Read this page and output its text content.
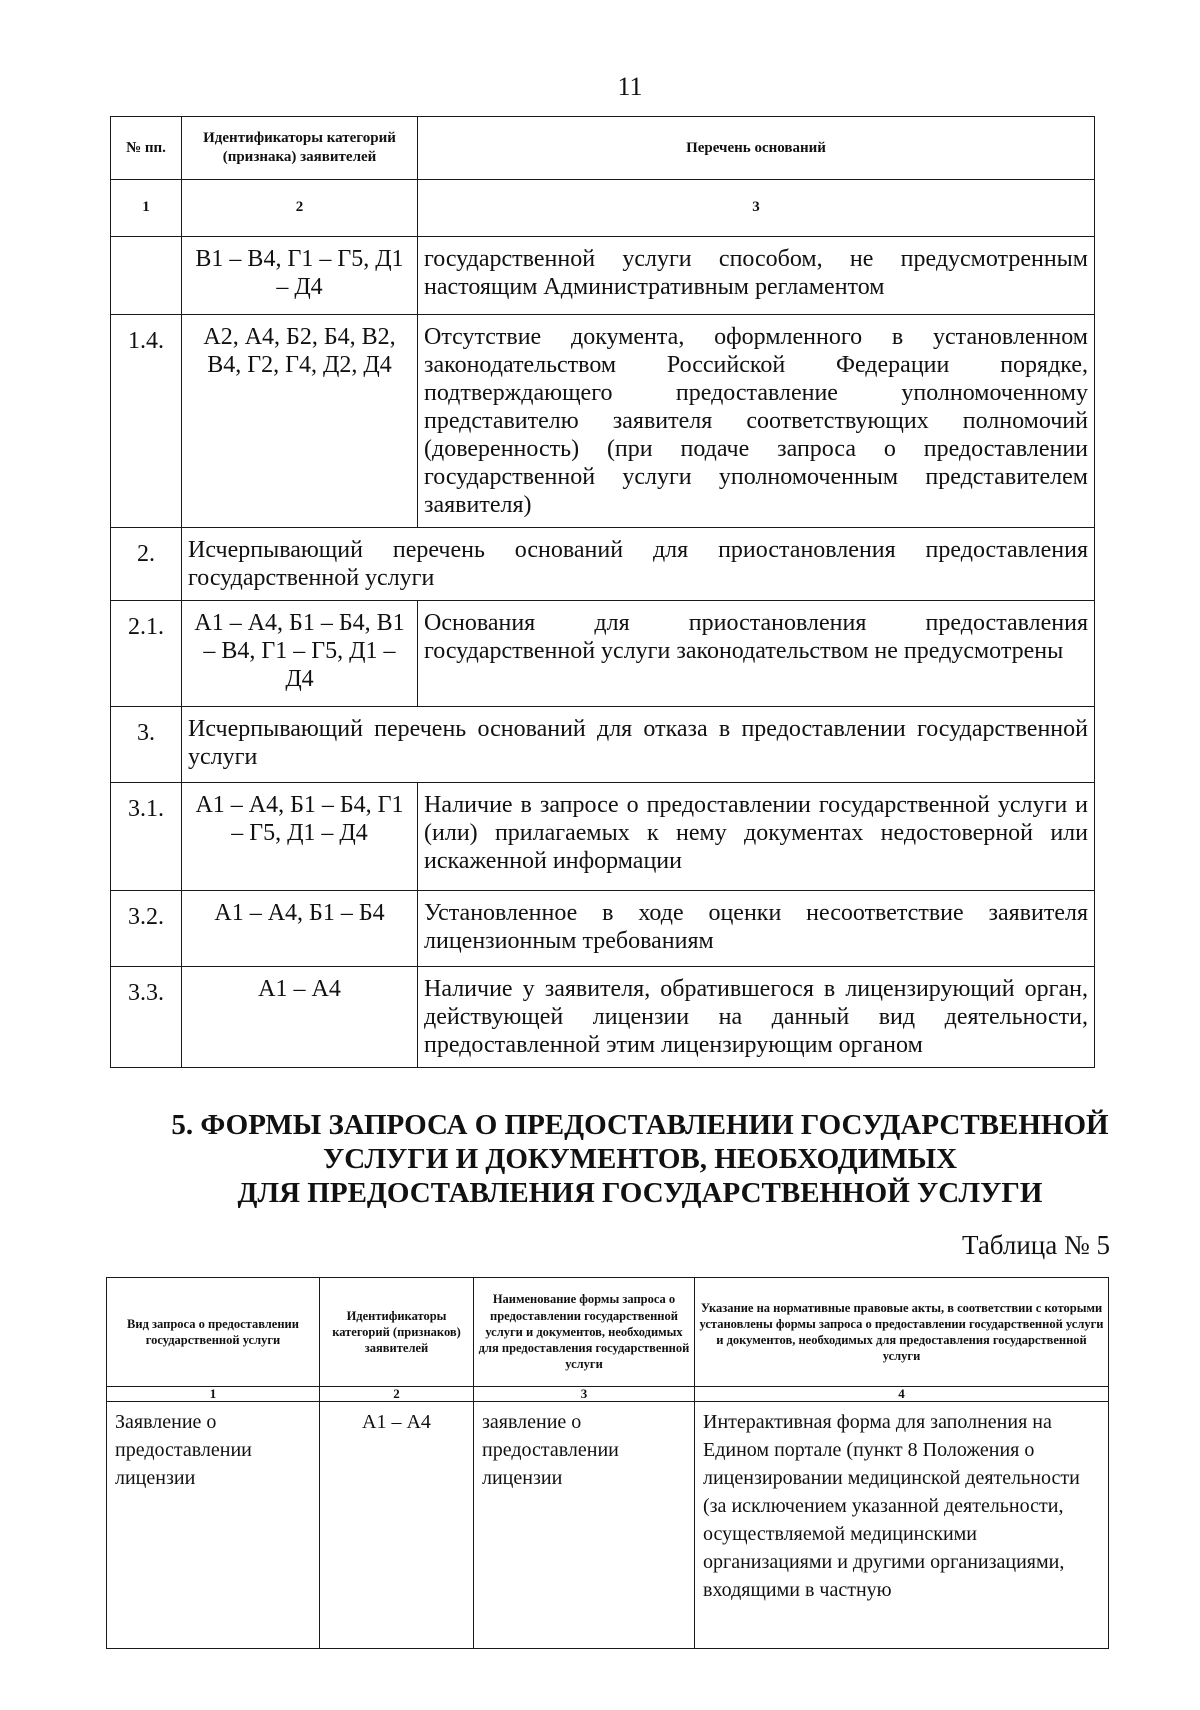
11
№ пп.	Идентификаторы категорий (признака) заявителей	Перечень оснований
1	2	3
	В1 – В4, Г1 – Г5, Д1 – Д4	государственной услуги способом, не предусмотренным настоящим Административным регламентом
1.4.	А2, А4, Б2, Б4, В2, В4, Г2, Г4, Д2, Д4	Отсутствие документа, оформленного в установленном законодательством Российской Федерации порядке, подтверждающего предоставление уполномоченному представителю заявителя соответствующих полномочий (доверенность) (при подаче запроса о предоставлении государственной услуги уполномоченным представителем заявителя)
2.	Исчерпывающий перечень оснований для приостановления предоставления государственной услуги	
2.1.	А1 – А4, Б1 – Б4, В1 – В4, Г1 – Г5, Д1 – Д4	Основания для приостановления предоставления государственной услуги законодательством не предусмотрены
3.	Исчерпывающий перечень оснований для отказа в предоставлении государственной услуги	
3.1.	А1 – А4, Б1 – Б4, Г1 – Г5, Д1 – Д4	Наличие в запросе о предоставлении государственной услуги и (или) прилагаемых к нему документах недостоверной или искаженной информации
3.2.	А1 – А4, Б1 – Б4	Установленное в ходе оценки несоответствие заявителя лицензионным требованиям
3.3.	А1 – А4	Наличие у заявителя, обратившегося в лицензирующий орган, действующей лицензии на данный вид деятельности, предоставленной этим лицензирующим органом
5. ФОРМЫ ЗАПРОСА О ПРЕДОСТАВЛЕНИИ ГОСУДАРСТВЕННОЙ
УСЛУГИ И ДОКУМЕНТОВ, НЕОБХОДИМЫХ
ДЛЯ ПРЕДОСТАВЛЕНИЯ ГОСУДАРСТВЕННОЙ УСЛУГИ
Таблица № 5
Вид запроса о предоставлении государственной услуги	Идентификаторы категорий (признаков) заявителей	Наименование формы запроса о предоставлении государственной услуги и документов, необходимых для предоставления государственной услуги	Указание на нормативные правовые акты, в соответствии с которыми установлены формы запроса о предоставлении государственной услуги и документов, необходимых для предоставления государственной услуги
1	2	3	4
Заявление о предоставлении лицензии	А1 – А4	заявление о предоставлении лицензии	Интерактивная форма для заполнения на Едином портале (пункт 8 Положения о лицензировании медицинской деятельности (за исключением указанной деятельности, осуществляемой медицинскими организациями и другими организациями, входящими в частную
